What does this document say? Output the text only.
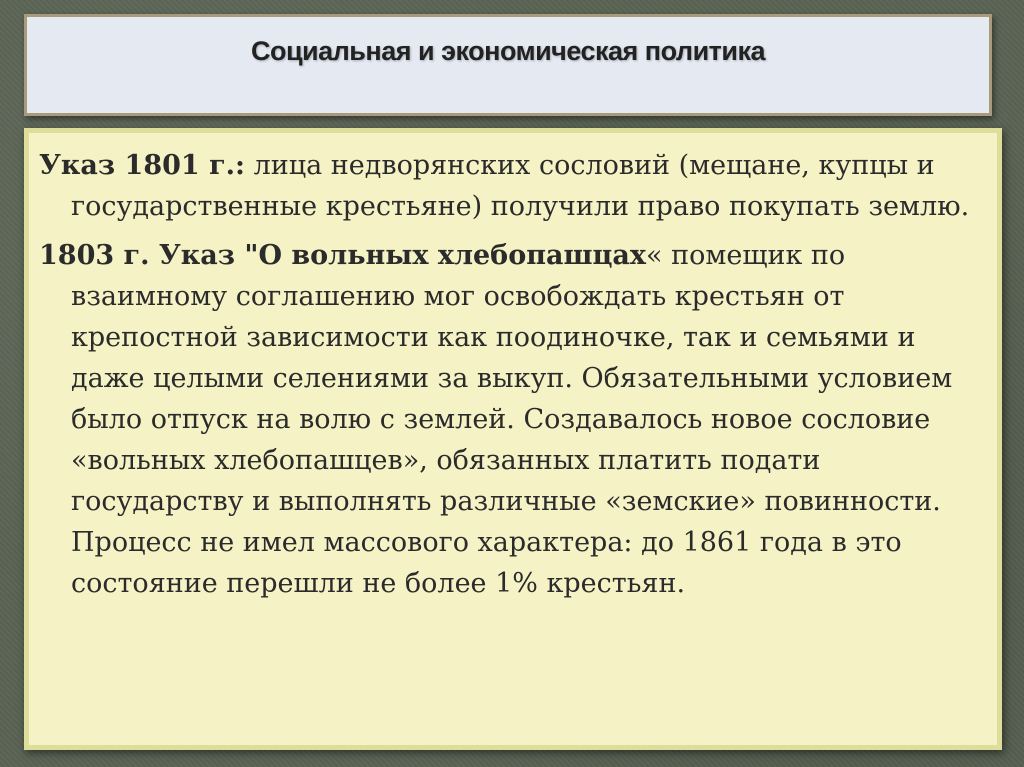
Социальная и экономическая политика

Указ 1801 г.: лица недворянских сословий (мещане, купцы и государственные крестьяне) получили право покупать землю.

1803 г. Указ "О вольных хлебопашцах« помещик по взаимному соглашению мог освобождать крестьян от крепостной зависимости как поодиночке, так и семьями и даже целыми селениями за выкуп. Обязательными условием было отпуск на волю с землей. Создавалось новое сословие «вольных хлебопашцев», обязанных платить подати государству и выполнять различные «земские» повинности. Процесс не имел массового характера: до 1861 года в это состояние перешли не более 1% крестьян.
